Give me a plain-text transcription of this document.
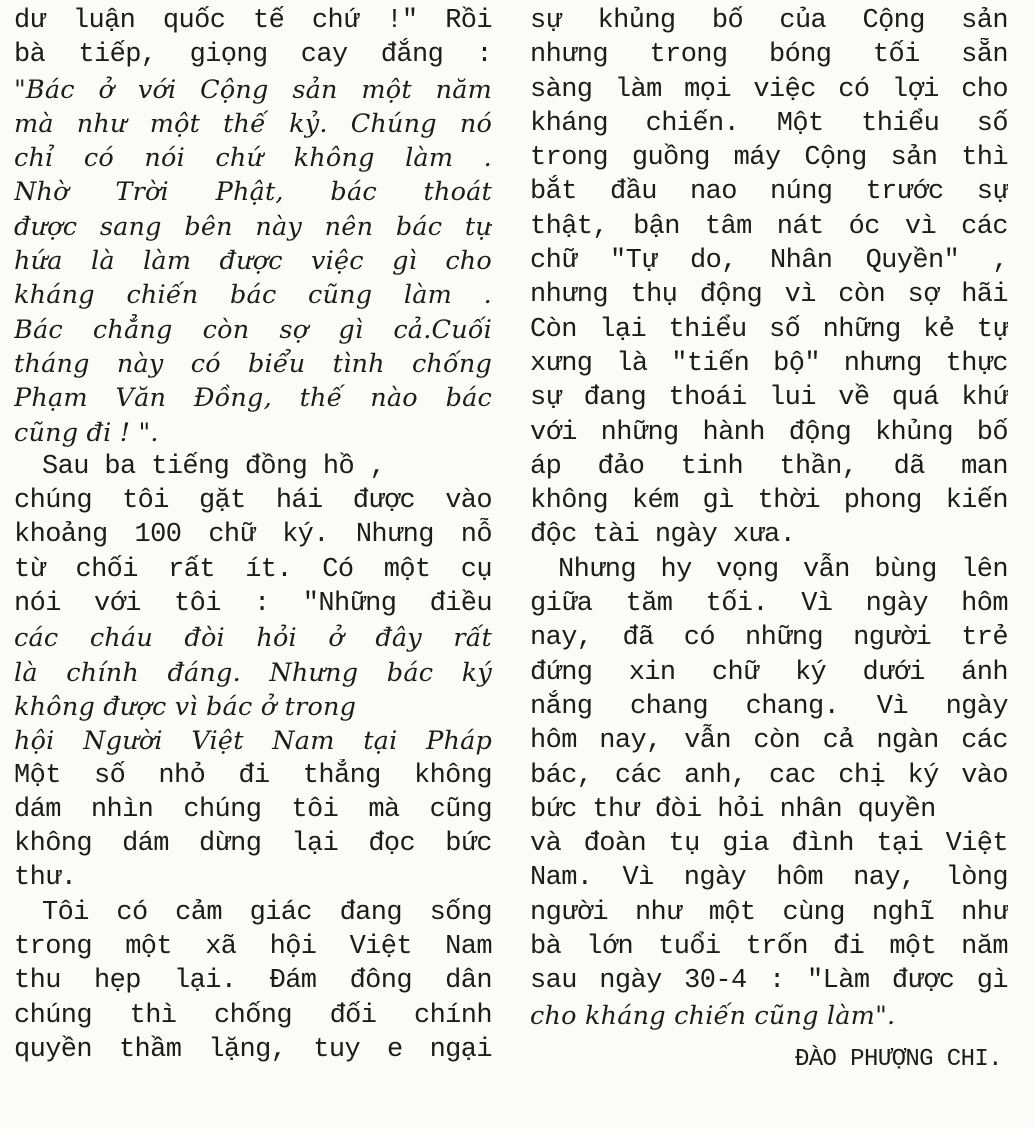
dư luận quốc tế chứ !" Rồi
bà tiếp, giọng cay đắng :
"Bác ở với Cộng sản một năm
mà như một thế kỷ. Chúng nó
chỉ có nói chứ không làm .
Nhờ Trời Phật, bác thoát
được sang bên này nên bác tự
hứa là làm được việc gì cho
kháng chiến bác cũng làm .
Bác chẳng còn sợ gì cả.Cuối
tháng này có biểu tình chống
Phạm Văn Đồng, thế nào bác
cũng đi ! ".
Sau ba tiếng đồng hồ ,
chúng tôi gặt hái được vào
khoảng 100 chữ ký. Nhưng nỗ
từ chối rất ít. Có một cụ
nói với tôi : "Những điều
các cháu đòi hỏi ở đây rất
là chính đáng. Nhưng bác ký
không được vì bác ở trong
hội Người Việt Nam tại Pháp
Một số nhỏ đi thẳng không
dám nhìn chúng tôi mà cũng
không dám dừng lại đọc bức
thư.
Tôi có cảm giác đang sống
trong một xã hội Việt Nam
thu hẹp lại. Đám đông dân
chúng thì chống đối chính
quyền thầm lặng, tuy e ngại
sự khủng bố của Cộng sản
nhưng trong bóng tối sẵn
sàng làm mọi việc có lợi cho
kháng chiến. Một thiểu số
trong guồng máy Cộng sản thì
bắt đầu nao núng trước sự
thật, bận tâm nát óc vì các
chữ "Tự do, Nhân Quyền" ,
nhưng thụ động vì còn sợ hãi
Còn lại thiểu số những kẻ tự
xưng là "tiến bộ" nhưng thực
sự đang thoái lui về quá khứ
với những hành động khủng bố
áp đảo tinh thần, dã man
không kém gì thời phong kiến
độc tài ngày xưa.
Nhưng hy vọng vẫn bùng lên
giữa tăm tối. Vì ngày hôm
nay, đã có những người trẻ
đứng xin chữ ký dưới ánh
nắng chang chang. Vì ngày
hôm nay, vẫn còn cả ngàn các
bác, các anh, cac chị ký vào
bức thư đòi hỏi nhân quyền
và đoàn tụ gia đình tại Việt
Nam. Vì ngày hôm nay, lòng
người như một cùng nghĩ như
bà lớn tuổi trốn đi một năm
sau ngày 30-4 : "Làm được gì
cho kháng chiến cũng làm".
ĐÀO PHƯỢNG CHI.
